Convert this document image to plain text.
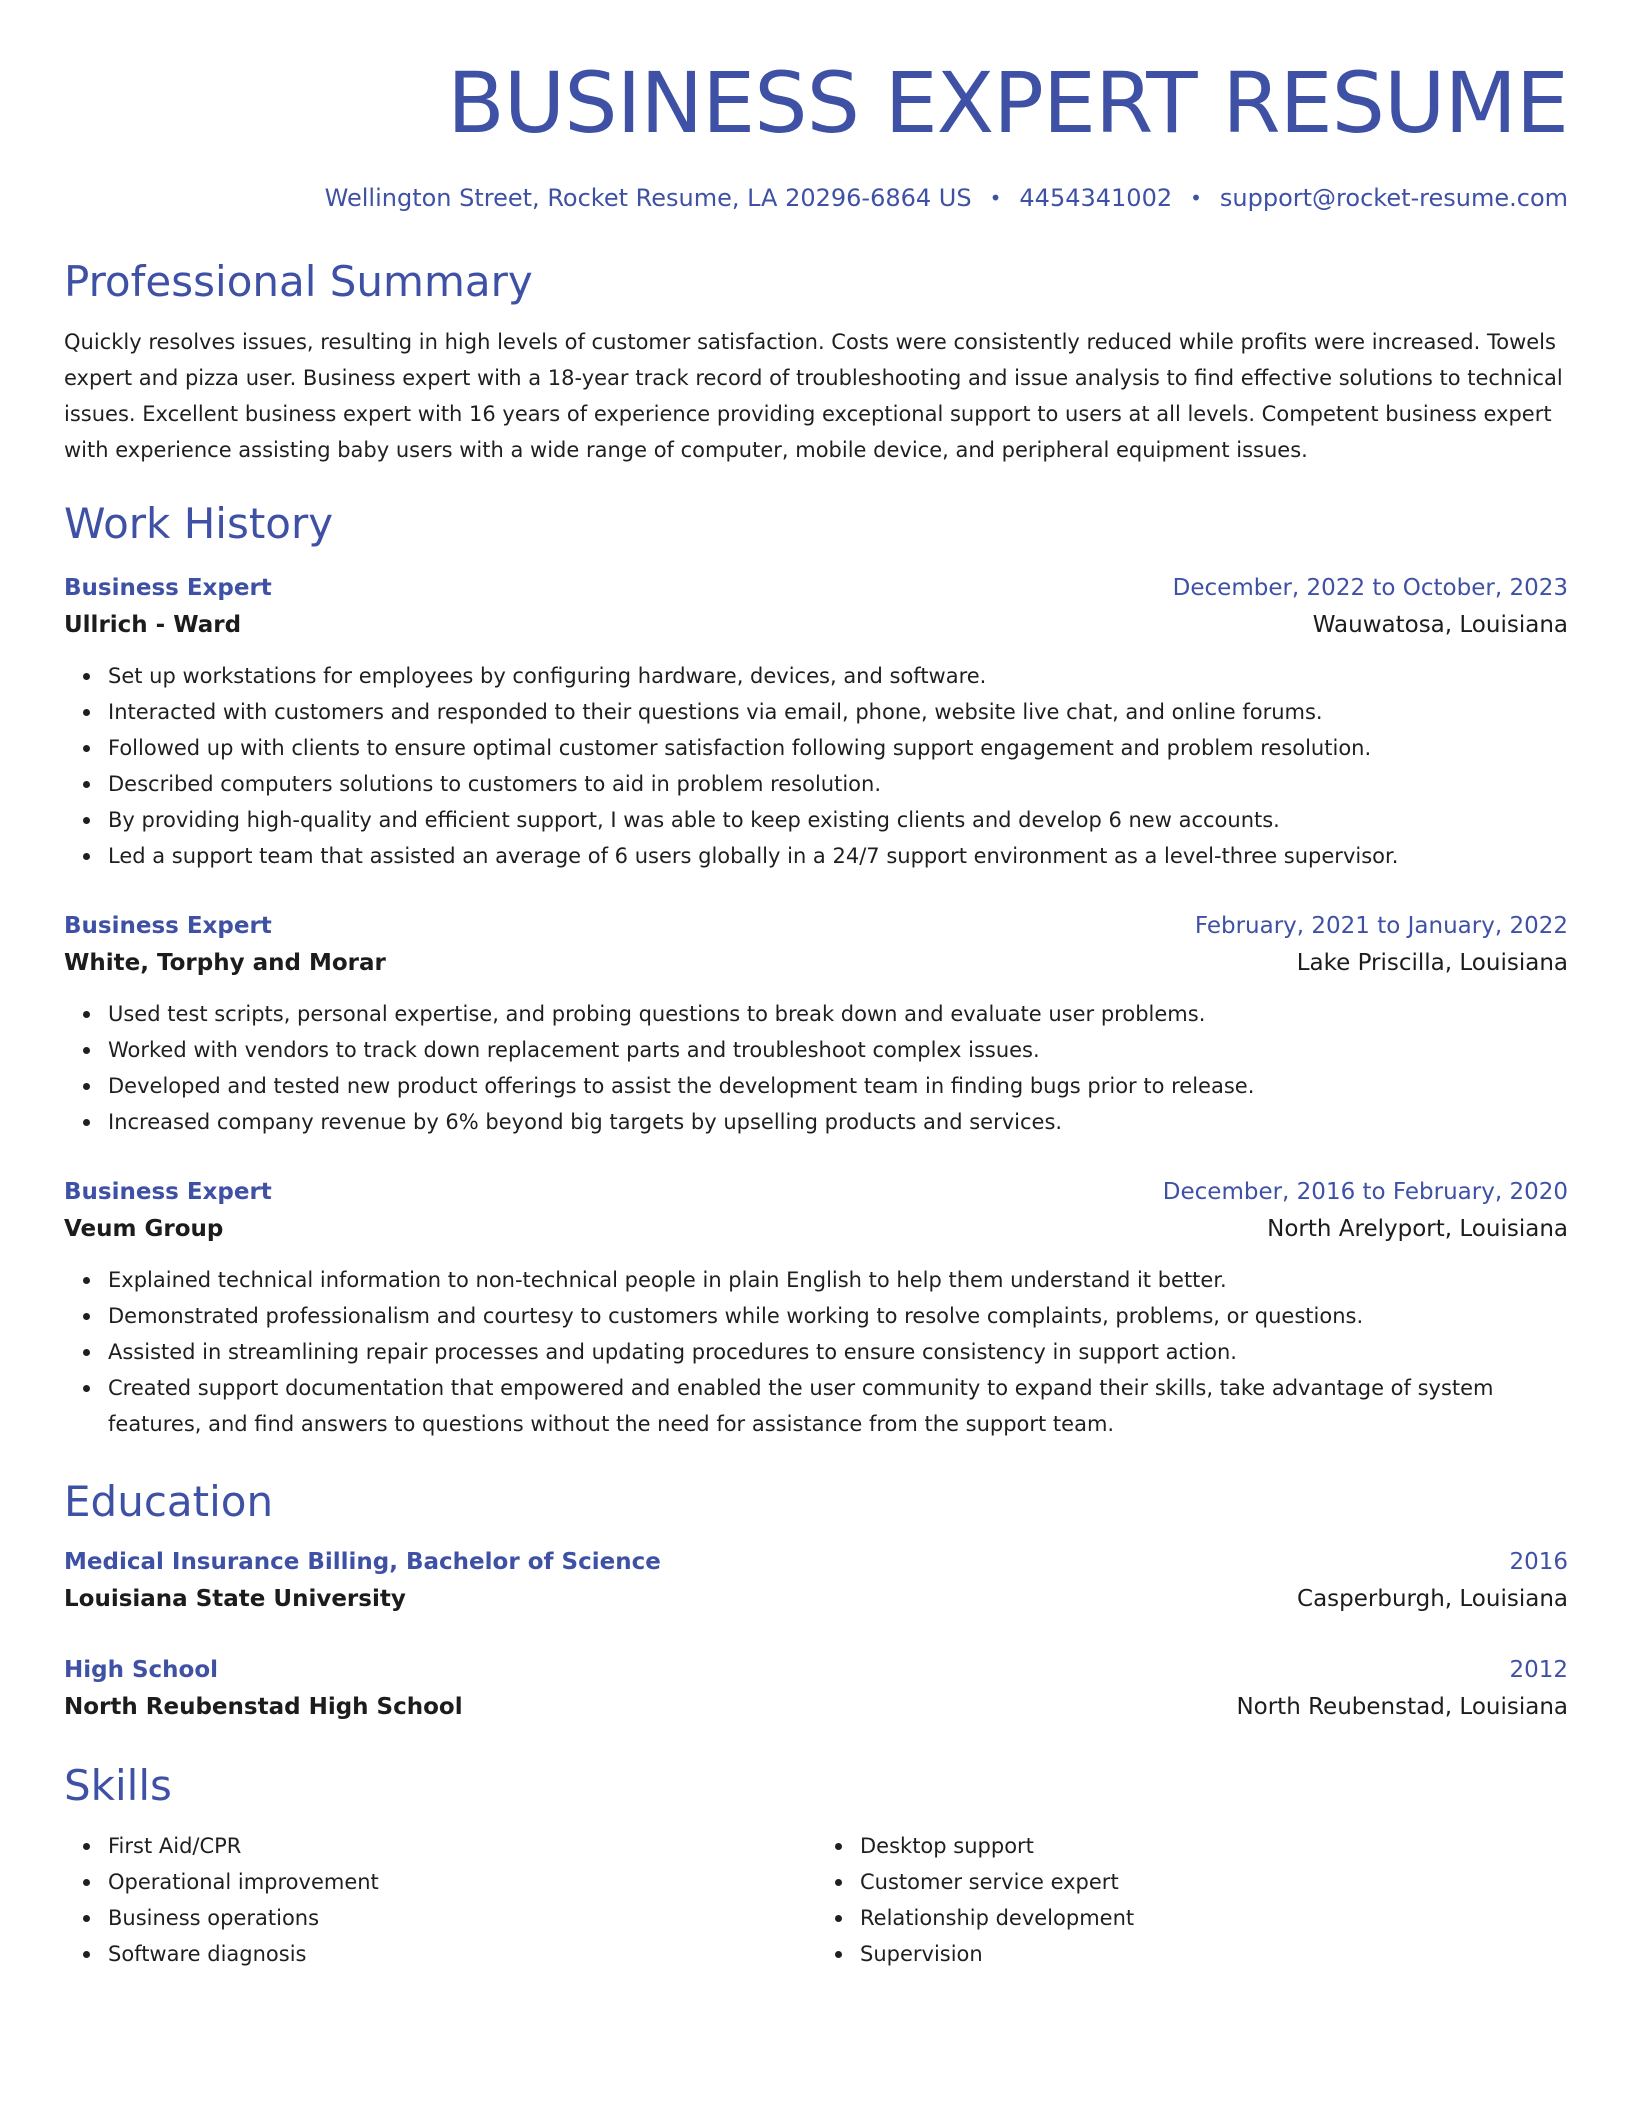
BUSINESS EXPERT RESUME
Wellington Street, Rocket Resume, LA 20296-6864 US • 4454341002 • support@rocket-resume.com
Professional Summary

Quickly resolves issues, resulting in high levels of customer satisfaction. Costs were consistently reduced while profits were increased. Towels expert and pizza user. Business expert with a 18-year track record of troubleshooting and issue analysis to find effective solutions to technical issues. Excellent business expert with 16 years of experience providing exceptional support to users at all levels. Competent business expert with experience assisting baby users with a wide range of computer, mobile device, and peripheral equipment issues.

Work History
Business Expert	December, 2022 to October, 2023
Ullrich - Ward	Wauwatosa, Louisiana
Set up workstations for employees by configuring hardware, devices, and software.
Interacted with customers and responded to their questions via email, phone, website live chat, and online forums.
Followed up with clients to ensure optimal customer satisfaction following support engagement and problem resolution.
Described computers solutions to customers to aid in problem resolution.
By providing high-quality and efficient support, I was able to keep existing clients and develop 6 new accounts.
Led a support team that assisted an average of 6 users globally in a 24/7 support environment as a level-three supervisor.
Business Expert	February, 2021 to January, 2022
White, Torphy and Morar	Lake Priscilla, Louisiana
Used test scripts, personal expertise, and probing questions to break down and evaluate user problems.
Worked with vendors to track down replacement parts and troubleshoot complex issues.
Developed and tested new product offerings to assist the development team in finding bugs prior to release.
Increased company revenue by 6% beyond big targets by upselling products and services.
Business Expert	December, 2016 to February, 2020
Veum Group	North Arelyport, Louisiana
Explained technical information to non-technical people in plain English to help them understand it better.
Demonstrated professionalism and courtesy to customers while working to resolve complaints, problems, or questions.
Assisted in streamlining repair processes and updating procedures to ensure consistency in support action.
Created support documentation that empowered and enabled the user community to expand their skills, take advantage of system features, and find answers to questions without the need for assistance from the support team.
Education
Medical Insurance Billing, Bachelor of Science	2016
Louisiana State University	Casperburgh, Louisiana
High School	2012
North Reubenstad High School	North Reubenstad, Louisiana
Skills
First Aid/CPR
Operational improvement
Business operations
Software diagnosis
Desktop support
Customer service expert
Relationship development
Supervision
